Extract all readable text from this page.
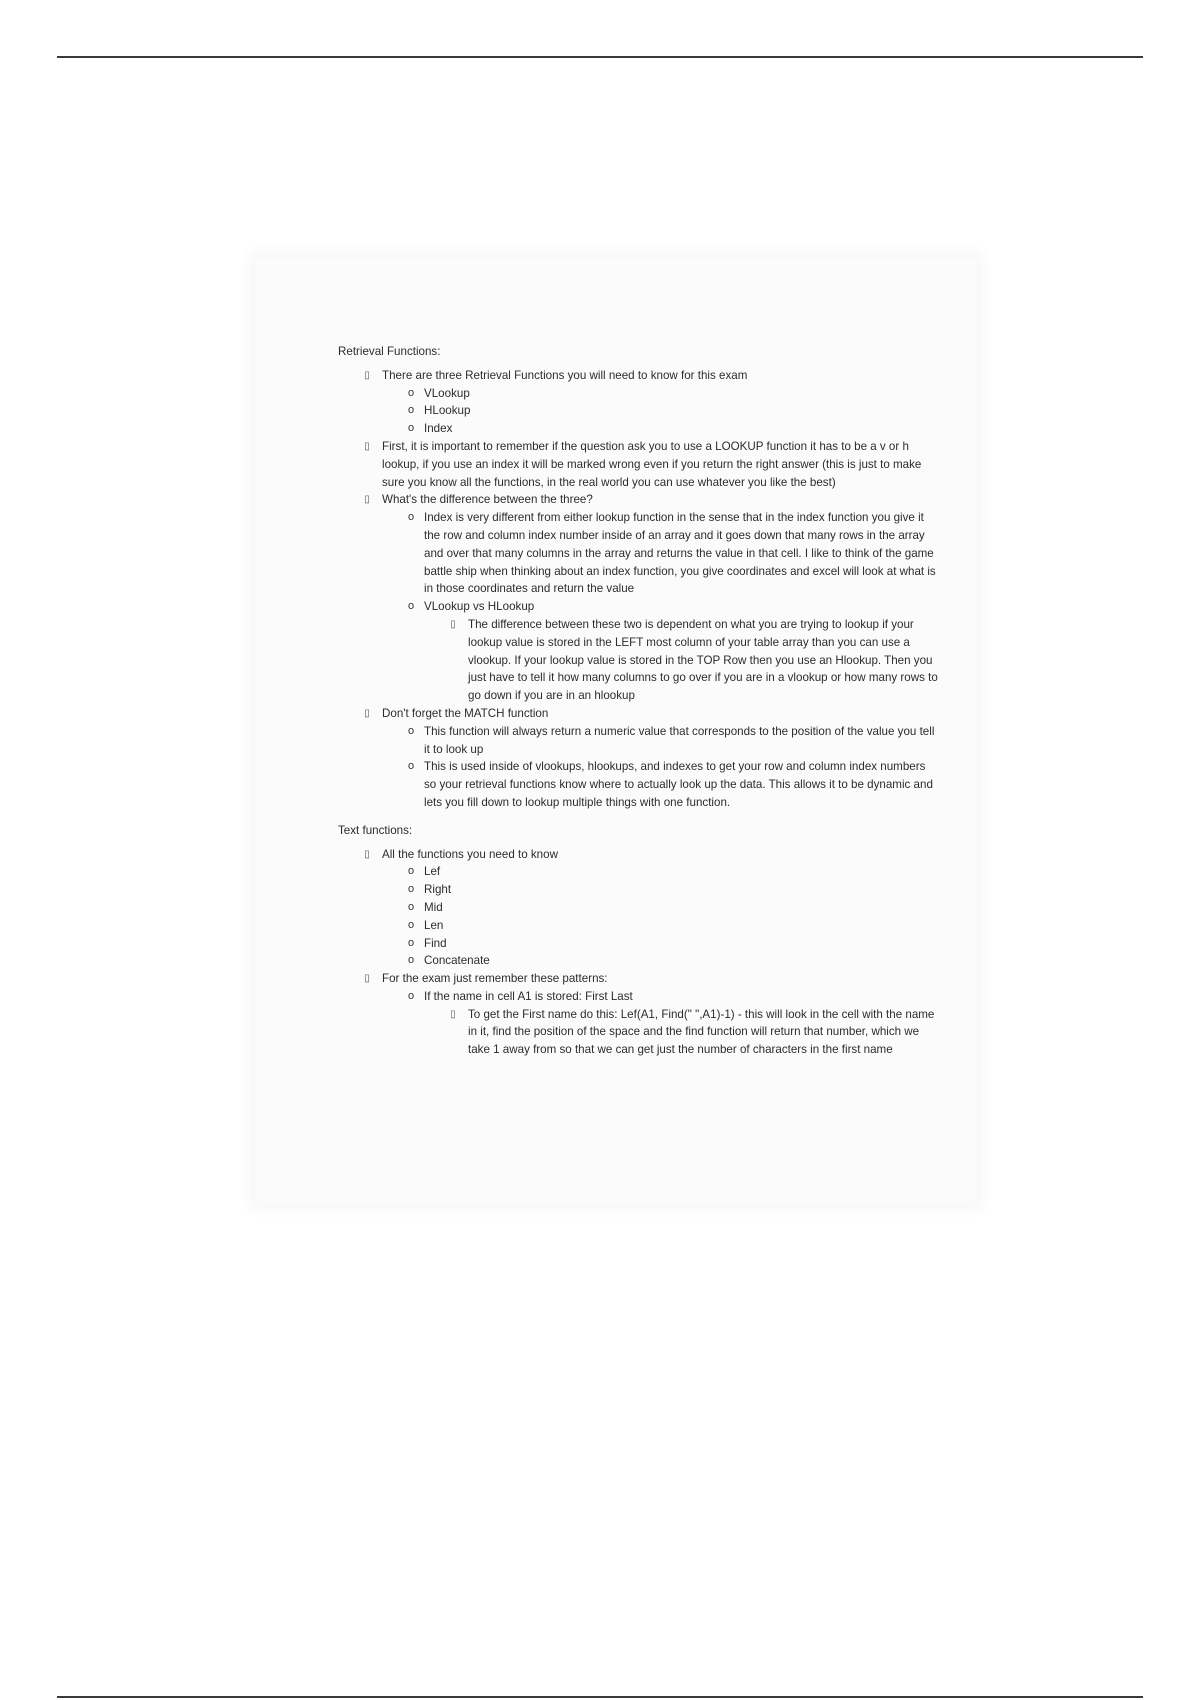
Retrieval Functions:
▯	There are three Retrieval Functions you will need to know for this exam
o VLookup
o HLookup
o Index
▯	First, it is important to remember if the question ask you to use a LOOKUP function it has to be a v or h lookup, if you use an index it will be marked wrong even if you return the right answer (this is just to make sure you know all the functions, in the real world you can use whatever you like the best)
▯	What's the difference between the three?
o Index is very different from either lookup function in the sense that in the index function you give it the row and column index number inside of an array and it goes down that many rows in the array and over that many columns in the array and returns the value in that cell. I like to think of the game battle ship when thinking about an index function, you give coordinates and excel will look at what is in those coordinates and return the value
o VLookup vs HLookup
▯	The difference between these two is dependent on what you are trying to lookup if your lookup value is stored in the LEFT most column of your table array than you can use a vlookup. If your lookup value is stored in the TOP Row then you use an Hlookup. Then you just have to tell it how many columns to go over if you are in a vlookup or how many rows to go down if you are in an hlookup
▯	Don't forget the MATCH function
o This function will always return a numeric value that corresponds to the position of the value you tell it to look up
o This is used inside of vlookups, hlookups, and indexes to get your row and column index numbers so your retrieval functions know where to actually look up the data. This allows it to be dynamic and lets you fill down to lookup multiple things with one function.
Text functions:
▯	All the functions you need to know
o Lef
o Right
o Mid
o Len
o Find
o Concatenate
▯	For the exam just remember these patterns:
o If the name in cell A1 is stored: First Last
▯	To get the First name do this: Lef(A1, Find(" ",A1)-1) - this will look in the cell with the name in it, find the position of the space and the find function will return that number, which we take 1 away from so that we can get just the number of characters in the first name
